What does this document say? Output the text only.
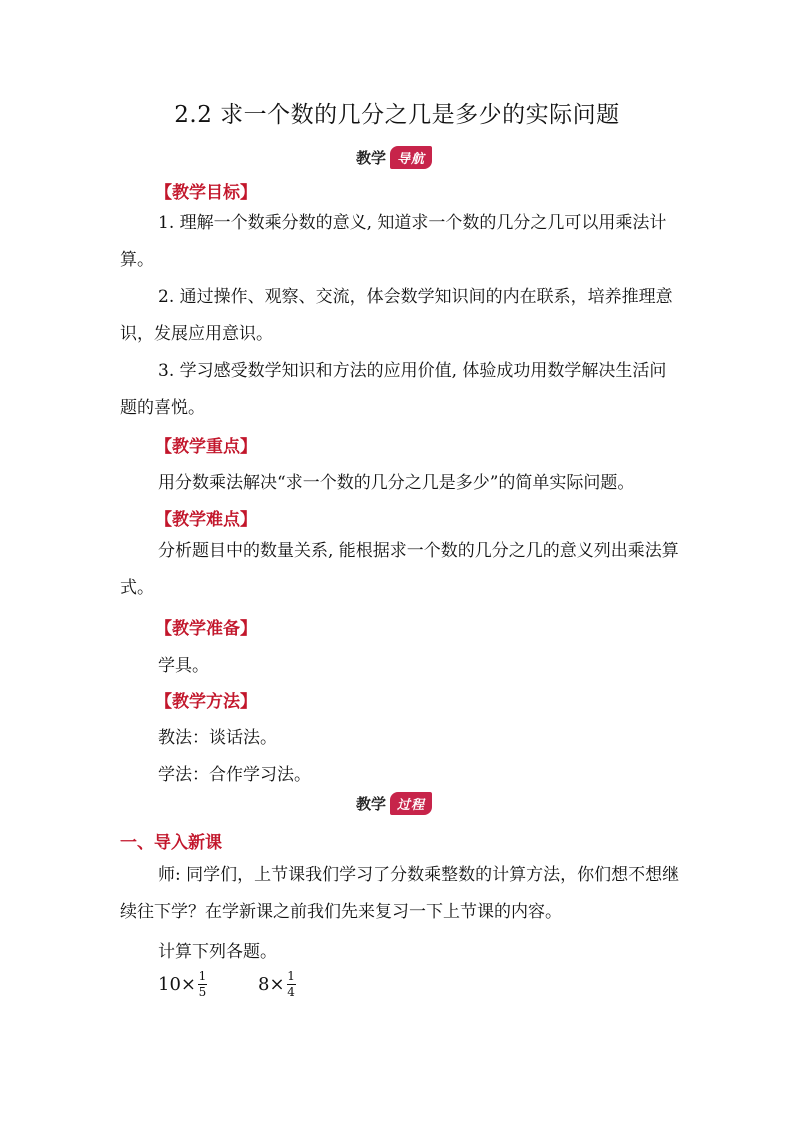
2.2 求一个数的几分之几是多少的实际问题
教学 导航
【教学目标】
1. 理解一个数乘分数的意义, 知道求一个数的几分之几可以用乘法计算。
2. 通过操作、观察、交流，体会数学知识间的内在联系，培养推理意识，发展应用意识。
3. 学习感受数学知识和方法的应用价值, 体验成功用数学解决生活问题的喜悦。
【教学重点】
用分数乘法解决“求一个数的几分之几是多少”的简单实际问题。
【教学难点】
分析题目中的数量关系, 能根据求一个数的几分之几的意义列出乘法算式。
【教学准备】
学具。
【教学方法】
教法：谈话法。
学法：合作学习法。
教学 过程
一、导入新课
师: 同学们，上节课我们学习了分数乘整数的计算方法，你们想不想继续往下学？在学新课之前我们先来复习一下上节课的内容。
计算下列各题。
$10 \times \frac{1}{5}$	$8 \times \frac{1}{4}$
